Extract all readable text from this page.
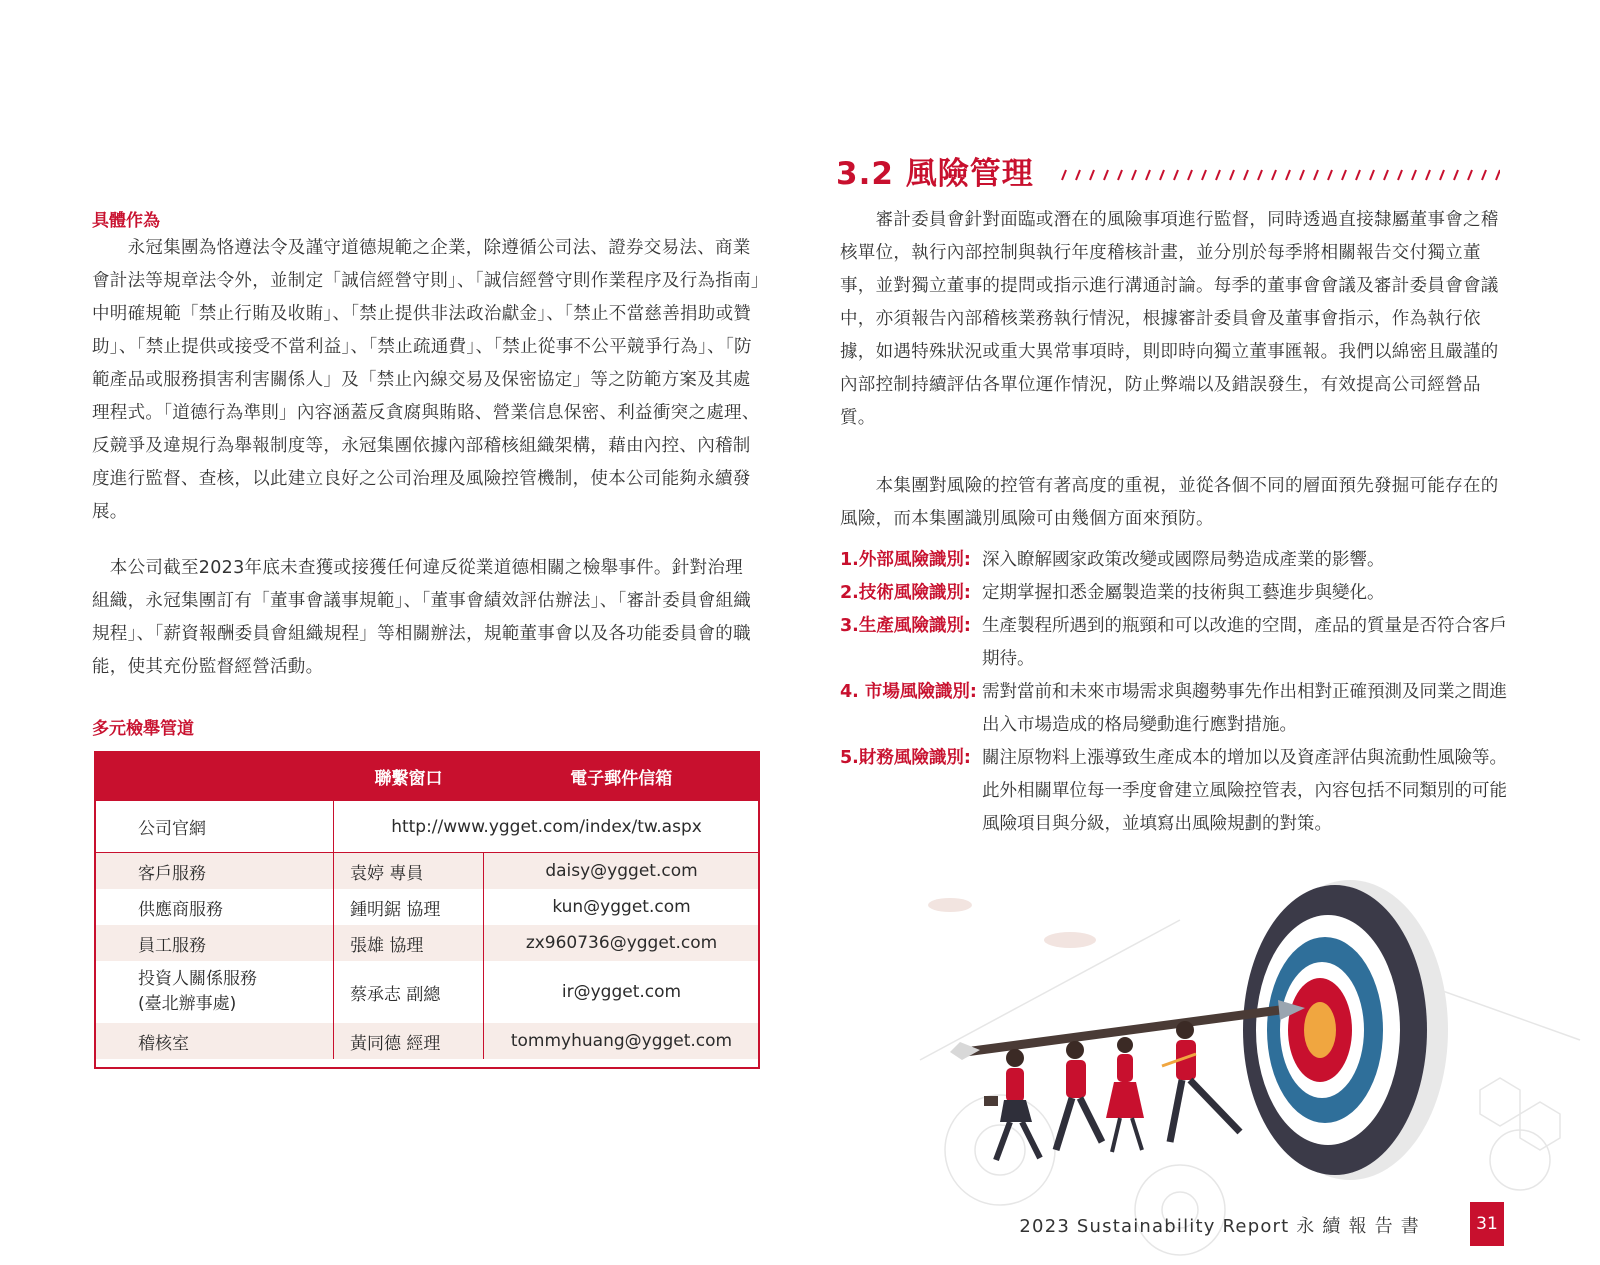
具體作為
　　永冠集團為恪遵法令及謹守道德規範之企業，除遵循公司法、證券交易法、商業會計法等規章法令外，並制定「誠信經營守則」、「誠信經營守則作業程序及行為指南」中明確規範「禁止行賄及收賄」、「禁止提供非法政治獻金」、「禁止不當慈善捐助或贊助」、「禁止提供或接受不當利益」、「禁止疏通費」、「禁止從事不公平競爭行為」、「防範產品或服務損害利害關係人」及「禁止內線交易及保密協定」等之防範方案及其處理程式。「道德行為準則」內容涵蓋反貪腐與賄賂、營業信息保密、利益衝突之處理、反競爭及違規行為舉報制度等，永冠集團依據內部稽核組織架構，藉由內控、內稽制度進行監督、查核，以此建立良好之公司治理及風險控管機制，使本公司能夠永續發展。
　本公司截至2023年底未查獲或接獲任何違反從業道德相關之檢舉事件。針對治理組織，永冠集團訂有「董事會議事規範」、「董事會績效評估辦法」、「審計委員會組織規程」、「薪資報酬委員會組織規程」等相關辦法，規範董事會以及各功能委員會的職能，使其充份監督經營活動。
多元檢舉管道
	聯繫窗口	電子郵件信箱
公司官網	http://www.ygget.com/index/tw.aspx	
客戶服務	袁婷 專員	daisy@ygget.com
供應商服務	鍾明鋸 協理	kun@ygget.com
員工服務	張雄 協理	zx960736@ygget.com
投資人關係服務
(臺北辦事處)	蔡承志 副總	ir@ygget.com
稽核室	黃同德 經理	tommyhuang@ygget.com
3.2 風險管理
　　審計委員會針對面臨或潛在的風險事項進行監督，同時透過直接隸屬董事會之稽核單位，執行內部控制與執行年度稽核計畫，並分別於每季將相關報告交付獨立董事，並對獨立董事的提問或指示進行溝通討論。每季的董事會會議及審計委員會會議中，亦須報告內部稽核業務執行情況，根據審計委員會及董事會指示，作為執行依據，如遇特殊狀況或重大異常事項時，則即時向獨立董事匯報。我們以綿密且嚴謹的內部控制持續評估各單位運作情況，防止弊端以及錯誤發生，有效提高公司經營品質。
　　本集團對風險的控管有著高度的重視，並從各個不同的層面預先發掘可能存在的風險，而本集團識別風險可由幾個方面來預防。
1.外部風險識別: 深入瞭解國家政策改變或國際局勢造成產業的影響。
2.技術風險識別: 定期掌握扣悉金屬製造業的技術與工藝進步與變化。
3.生產風險識別: 生產製程所遇到的瓶頸和可以改進的空間，產品的質量是否符合客戶期待。
4. 市場風險識別: 需對當前和未來市場需求與趨勢事先作出相對正確預測及同業之間進出入市場造成的格局變動進行應對措施。
5.財務風險識別: 關注原物料上漲導致生產成本的增加以及資產評估與流動性風險等。此外相關單位每一季度會建立風險控管表，內容包括不同類別的可能風險項目與分級，並填寫出風險規劃的對策。
2023 Sustainability Report 永 續 報 告 書	31
